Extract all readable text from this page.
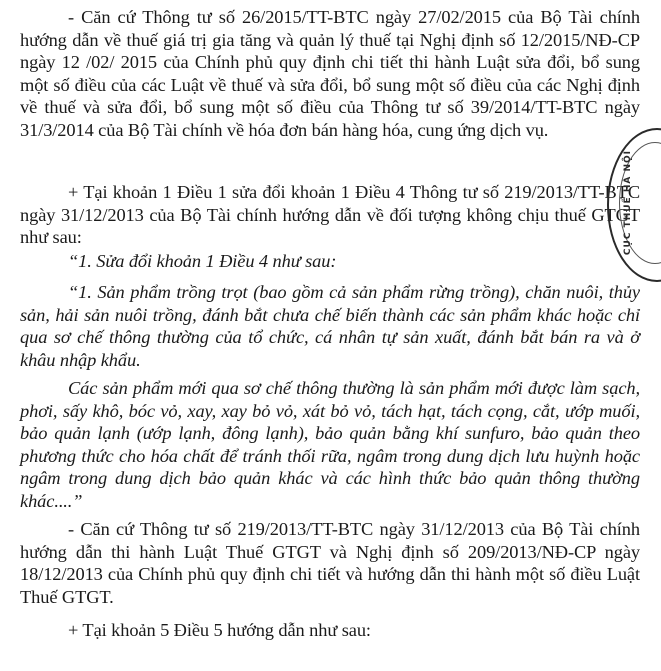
- Căn cứ Thông tư số 26/2015/TT-BTC ngày 27/02/2015 của Bộ Tài chính hướng dẫn về thuế giá trị gia tăng và quản lý thuế tại Nghị định số 12/2015/NĐ-CP ngày 12 /02/ 2015 của Chính phủ quy định chi tiết thi hành Luật sửa đổi, bổ sung một số điều của các Luật về thuế và sửa đổi, bổ sung một số điều của các Nghị định về thuế và sửa đổi, bổ sung một số điều của Thông tư số 39/2014/TT-BTC ngày 31/3/2014 của Bộ Tài chính về hóa đơn bán hàng hóa, cung ứng dịch vụ.

+ Tại khoản 1 Điều 1 sửa đổi khoản 1 Điều 4 Thông tư số 219/2013/TT-BTC ngày 31/12/2013 của Bộ Tài chính hướng dẫn về đối tượng không chịu thuế GTGT như sau:

“1. Sửa đổi khoản 1 Điều 4 như sau:

“1. Sản phẩm trồng trọt (bao gồm cả sản phẩm rừng trồng), chăn nuôi, thủy sản, hải sản nuôi trồng, đánh bắt chưa chế biến thành các sản phẩm khác hoặc chỉ qua sơ chế thông thường của tổ chức, cá nhân tự sản xuất, đánh bắt bán ra và ở khâu nhập khẩu.

Các sản phẩm mới qua sơ chế thông thường là sản phẩm mới được làm sạch, phơi, sấy khô, bóc vỏ, xay, xay bỏ vỏ, xát bỏ vỏ, tách hạt, tách cọng, cắt, ướp muối, bảo quản lạnh (ướp lạnh, đông lạnh), bảo quản bằng khí sunfuro, bảo quản theo phương thức cho hóa chất để tránh thối rữa, ngâm trong dung dịch lưu huỳnh hoặc ngâm trong dung dịch bảo quản khác và các hình thức bảo quản thông thường khác....”

- Căn cứ Thông tư số 219/2013/TT-BTC ngày 31/12/2013 của Bộ Tài chính hướng dẫn thi hành Luật Thuế GTGT và Nghị định số 209/2013/NĐ-CP ngày 18/12/2013 của Chính phủ quy định chi tiết và hướng dẫn thi hành một số điều Luật Thuế GTGT.

+ Tại khoản 5 Điều 5 hướng dẫn như sau:

CỤC THUẾ HÀ NỘI
